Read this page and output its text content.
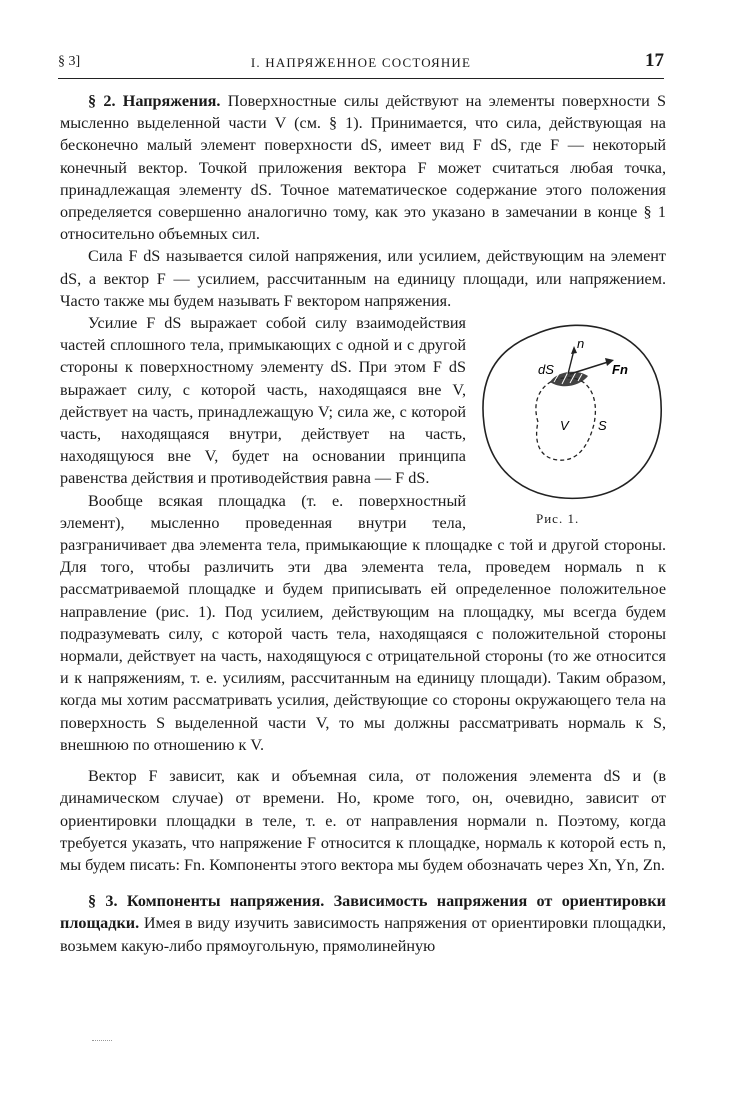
§ 3]	I. НАПРЯЖЕННОЕ СОСТОЯНИЕ	17

§ 2. Напряжения. Поверхностные силы действуют на элементы поверхности S мысленно выделенной части V (см. § 1). Принимается, что сила, действующая на бесконечно малый элемент поверхности dS, имеет вид F dS, где F — некоторый конечный вектор. Точкой приложения вектора F может считаться любая точка, принадлежащая элементу dS. Точное математическое содержание этого положения определяется совершенно аналогично тому, как это указано в замечании в конце § 1 относительно объемных сил.

Сила F dS называется силой напряжения, или усилием, действующим на элемент dS, а вектор F — усилием, рассчитанным на единицу площади, или напряжением. Часто также мы будем называть F вектором напряжения.

dS
n
Fn
V S
Рис. 1.

Усилие F dS выражает собой силу взаимодействия частей сплошного тела, примыкающих с одной и с другой стороны к поверхностному элементу dS. При этом F dS выражает силу, с которой часть, находящаяся вне V, действует на часть, принадлежащую V; сила же, с которой часть, находящаяся внутри, действует на часть, находящуюся вне V, будет на основании принципа равенства действия и противодействия равна — F dS.

Вообще всякая площадка (т. е. поверхностный элемент), мысленно проведенная внутри тела, разграничивает два элемента тела, примыкающие к площадке с той и другой стороны. Для того, чтобы различить эти два элемента тела, проведем нормаль n к рассматриваемой площадке и будем приписывать ей определенное положительное направление (рис. 1). Под усилием, действующим на площадку, мы всегда будем подразумевать силу, с которой часть тела, находящаяся с положительной стороны нормали, действует на часть, находящуюся с отрицательной стороны (то же относится и к напряжениям, т. е. усилиям, рассчитанным на единицу площади). Таким образом, когда мы хотим рассматривать усилия, действующие со стороны окружающего тела на поверхность S выделенной части V, то мы должны рассматривать нормаль к S, внешнюю по отношению к V.

Вектор F зависит, как и объемная сила, от положения элемента dS и (в динамическом случае) от времени. Но, кроме того, он, очевидно, зависит от ориентировки площадки в теле, т. е. от направления нормали n. Поэтому, когда требуется указать, что напряжение F относится к площадке, нормаль к которой есть n, мы будем писать: Fn. Компоненты этого вектора мы будем обозначать через Xn, Yn, Zn.

§ 3. Компоненты напряжения. Зависимость напряжения от ориентировки площадки. Имея в виду изучить зависимость напряжения от ориентировки площадки, возьмем какую-либо прямоугольную, прямолинейную
